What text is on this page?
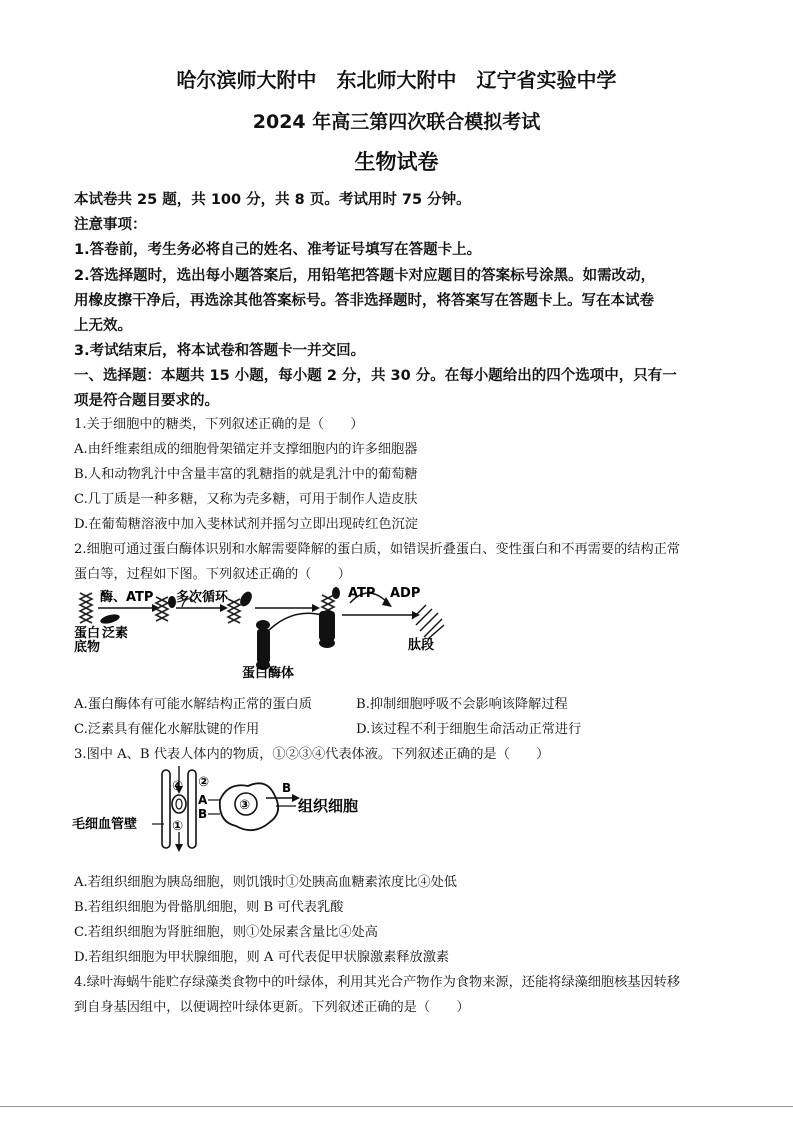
哈尔滨师大附中　东北师大附中　辽宁省实验中学
2024 年高三第四次联合模拟考试
生物试卷
本试卷共 25 题，共 100 分，共 8 页。考试用时 75 分钟。
注意事项：
1.答卷前，考生务必将自己的姓名、准考证号填写在答题卡上。
2.答选择题时，选出每小题答案后，用铅笔把答题卡对应题目的答案标号涂黑。如需改动，
用橡皮擦干净后，再选涂其他答案标号。答非选择题时，将答案写在答题卡上。写在本试卷
上无效。
3.考试结束后，将本试卷和答题卡一并交回。
一、选择题：本题共 15 小题，每小题 2 分，共 30 分。在每小题给出的四个选项中，只有一
项是符合题目要求的。
1.关于细胞中的糖类，下列叙述正确的是（　　）
A.由纤维素组成的细胞骨架锚定并支撑细胞内的许多细胞器
B.人和动物乳汁中含量丰富的乳糖指的就是乳汁中的葡萄糖
C.几丁质是一种多糖，又称为壳多糖，可用于制作人造皮肤
D.在葡萄糖溶液中加入斐林试剂并摇匀立即出现砖红色沉淀
2.细胞可通过蛋白酶体识别和水解需要降解的蛋白质，如错误折叠蛋白、变性蛋白和不再需要的结构正常
蛋白等，过程如下图。下列叙述正确的（　　）
酶、ATP 多次循环
蛋白酶体
ATP ADP
肽段
泛素
蛋白
底物
A.蛋白酶体有可能水解结构正常的蛋白质	B.抑制细胞呼吸不会影响该降解过程
C.泛素具有催化水解肽键的作用	D.该过程不利于细胞生命活动正常进行
3.图中 A、B 代表人体内的物质，①②③④代表体液。下列叙述正确的是（　　）
④
①
②
A
B
③
B
组织细胞
毛细血管壁
A.若组织细胞为胰岛细胞，则饥饿时①处胰高血糖素浓度比④处低
B.若组织细胞为骨骼肌细胞，则 B 可代表乳酸
C.若组织细胞为肾脏细胞，则①处尿素含量比④处高
D.若组织细胞为甲状腺细胞，则 A 可代表促甲状腺激素释放激素
4.绿叶海蜗牛能贮存绿藻类食物中的叶绿体，利用其光合产物作为食物来源，还能将绿藻细胞核基因转移
到自身基因组中，以便调控叶绿体更新。下列叙述正确的是（　　）
